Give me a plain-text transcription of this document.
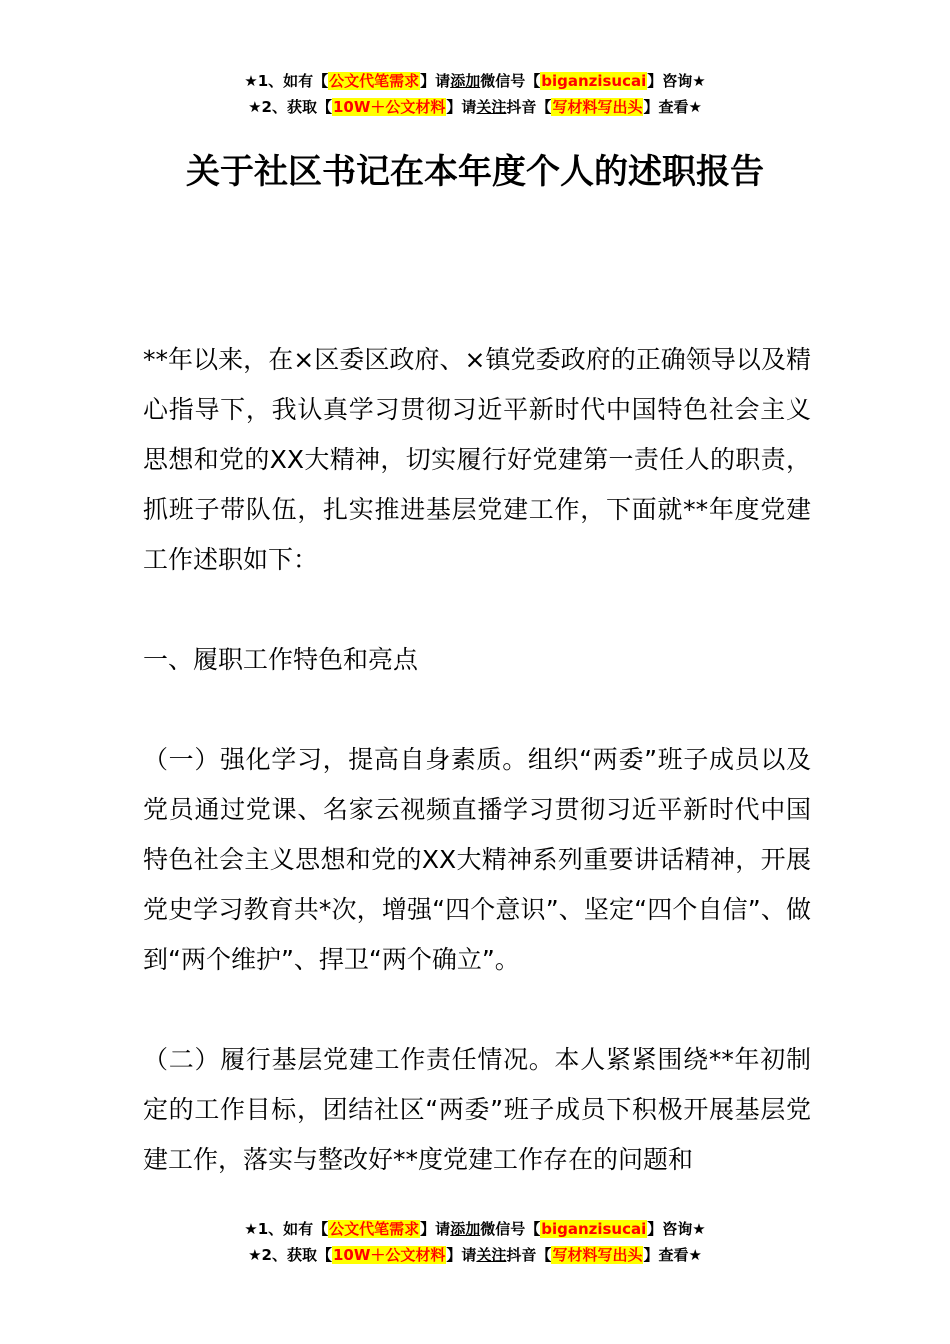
★1、如有【公文代笔需求】请添加微信号【biganzisucai】咨询★
★2、获取【10W＋公文材料】请关注抖音【写材料写出头】查看★
关于社区书记在本年度个人的述职报告

**年以来，在×区委区政府、×镇党委政府的正确领导以及精心指导下，我认真学习贯彻习近平新时代中国特色社会主义思想和党的XX大精神，切实履行好党建第一责任人的职责，抓班子带队伍，扎实推进基层党建工作，下面就**年度党建工作述职如下：

一、履职工作特色和亮点

（一）强化学习，提高自身素质。组织“两委”班子成员以及党员通过党课、名家云视频直播学习贯彻习近平新时代中国特色社会主义思想和党的XX大精神系列重要讲话精神，开展党史学习教育共*次，增强“四个意识”、坚定“四个自信”、做到“两个维护”、捍卫“两个确立”。

（二）履行基层党建工作责任情况。本人紧紧围绕**年初制定的工作目标，团结社区“两委”班子成员下积极开展基层党建工作，落实与整改好**度党建工作存在的问题和

★1、如有【公文代笔需求】请添加微信号【biganzisucai】咨询★
★2、获取【10W＋公文材料】请关注抖音【写材料写出头】查看★
